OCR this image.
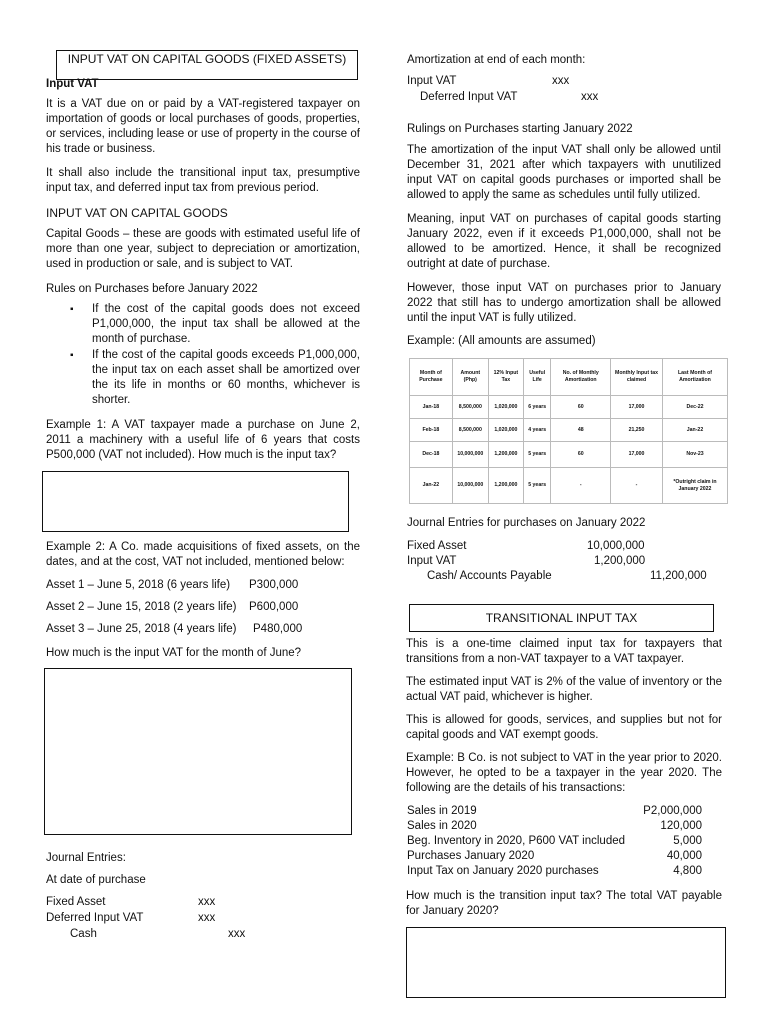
INPUT VAT ON CAPITAL GOODS (FIXED ASSETS)
Input VAT
It is a VAT due on or paid by a VAT-registered taxpayer on importation of goods or local purchases of goods, properties, or services, including lease or use of property in the course of his trade or business.
It shall also include the transitional input tax, presumptive input tax, and deferred input tax from previous period.
INPUT VAT ON CAPITAL GOODS
Capital Goods – these are goods with estimated useful life of more than one year, subject to depreciation or amortization, used in production or sale, and is subject to VAT.
Rules on Purchases before January 2022
▪ If the cost of the capital goods does not exceed P1,000,000, the input tax shall be allowed at the month of purchase.
▪ If the cost of the capital goods exceeds P1,000,000, the input tax on each asset shall be amortized over the its life in months or 60 months, whichever is shorter.
Example 1: A VAT taxpayer made a purchase on June 2, 2011 a machinery with a useful life of 6 years that costs P500,000 (VAT not included). How much is the input tax?
Example 2: A Co. made acquisitions of fixed assets, on the dates, and at the cost, VAT not included, mentioned below:
Asset 1 – June 5, 2018 (6 years life) P300,000
Asset 2 – June 15, 2018 (2 years life) P600,000
Asset 3 – June 25, 2018 (4 years life) P480,000
How much is the input VAT for the month of June?
Journal Entries:
At date of purchase
Fixed Asset	xxx
Deferred Input VAT	xxx
Cash	xxx
Amortization at end of each month:
Input VAT	xxx
Deferred Input VAT	xxx
Rulings on Purchases starting January 2022
The amortization of the input VAT shall only be allowed until December 31, 2021 after which taxpayers with unutilized input VAT on capital goods purchases or imported shall be allowed to apply the same as schedules until fully utilized.
Meaning, input VAT on purchases of capital goods starting January 2022, even if it exceeds P1,000,000, shall not be allowed to be amortized. Hence, it shall be recognized outright at date of purchase.
However, those input VAT on purchases prior to January 2022 that still has to undergo amortization shall be allowed until the input VAT is fully utilized.
Example: (All amounts are assumed)
Month of Purchase	Amount (Php)	12% Input Tax	Useful Life	No. of Monthly Amortization	Monthly Input tax claimed	Last Month of Amortization
Jan-18	8,500,000	1,020,000	6 years	60	17,000	Dec-22
Feb-18	8,500,000	1,020,000	4 years	48	21,250	Jan-22
Dec-18	10,000,000	1,200,000	5 years	60	17,000	Nov-23
Jan-22	10,000,000	1,200,000	5 years	-	-	*Outright claim in January 2022
Journal Entries for purchases on January 2022
Fixed Asset	10,000,000
Input VAT	1,200,000
Cash/ Accounts Payable	11,200,000
TRANSITIONAL INPUT TAX
This is a one-time claimed input tax for taxpayers that transitions from a non-VAT taxpayer to a VAT taxpayer.
The estimated input VAT is 2% of the value of inventory or the actual VAT paid, whichever is higher.
This is allowed for goods, services, and supplies but not for capital goods and VAT exempt goods.
Example: B Co. is not subject to VAT in the year prior to 2020. However, he opted to be a taxpayer in the year 2020. The following are the details of his transactions:
Sales in 2019	P2,000,000
Sales in 2020	120,000
Beg. Inventory in 2020, P600 VAT included	5,000
Purchases January 2020	40,000
Input Tax on January 2020 purchases	4,800
How much is the transition input tax? The total VAT payable for January 2020?
